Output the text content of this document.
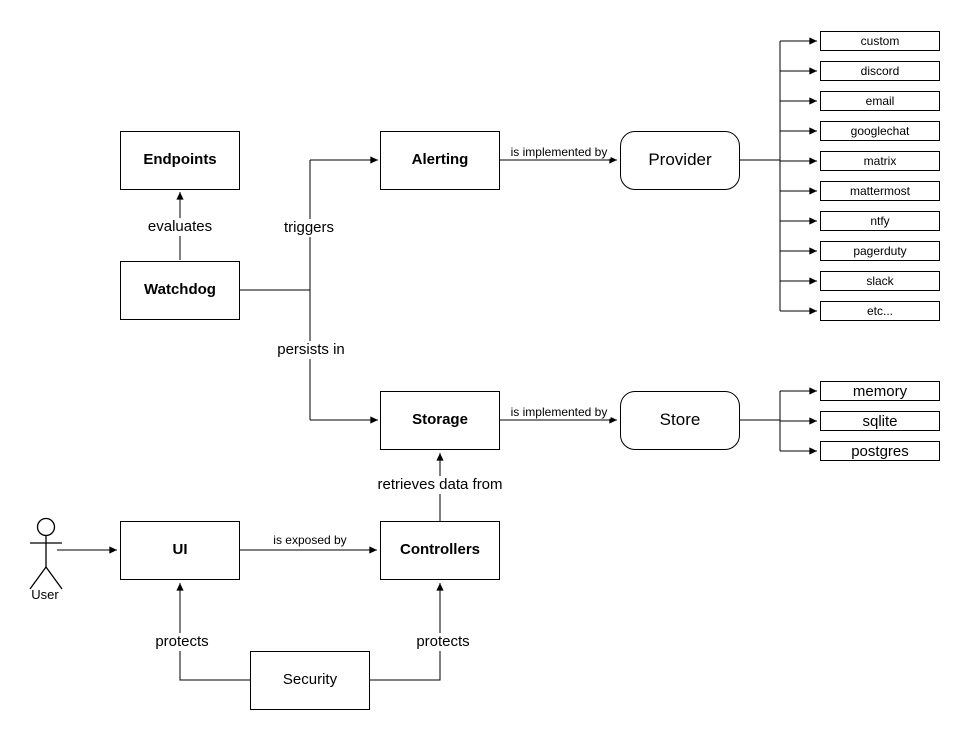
Endpoints
Watchdog
Alerting	Provider
Storage	Store
UI	Controllers
Security
custom
discord
email
googlechat
matrix
mattermost
ntfy
pagerduty
slack
etc...
memory
sqlite
postgres
evaluates	triggers
persists in
retrieves data from
is implemented by
is implemented by
is exposed by
protects	protects
User
